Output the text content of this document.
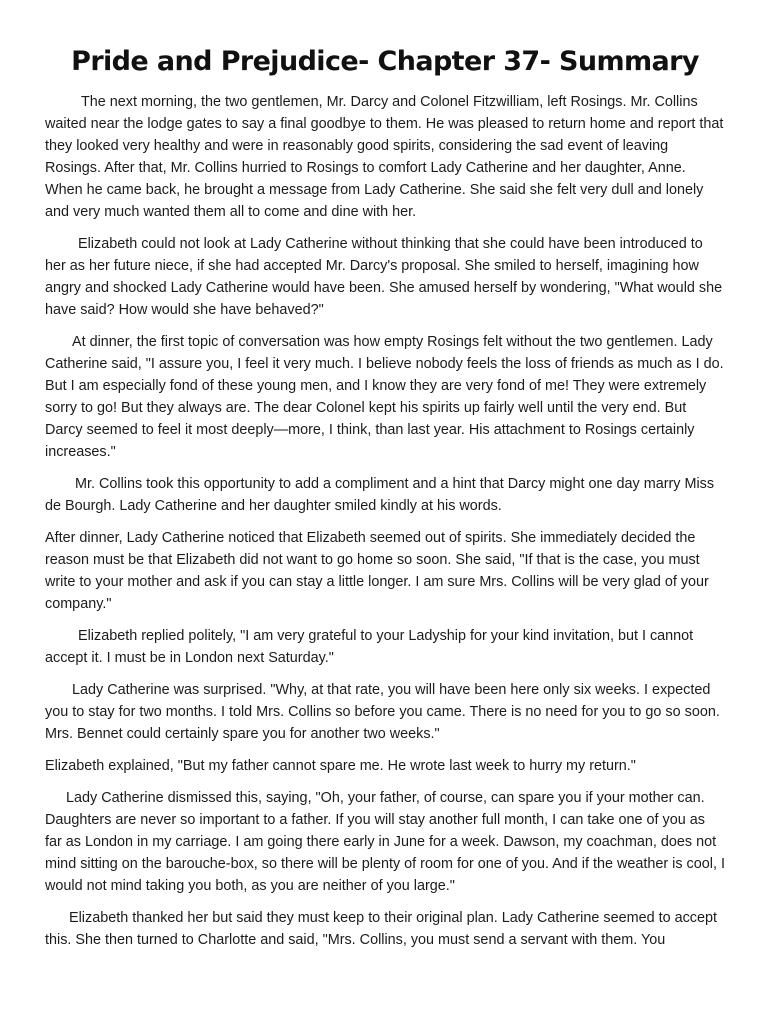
Pride and Prejudice- Chapter 37- Summary

The next morning, the two gentlemen, Mr. Darcy and Colonel Fitzwilliam, left Rosings. Mr. Collins waited near the lodge gates to say a final goodbye to them. He was pleased to return home and report that they looked very healthy and were in reasonably good spirits, considering the sad event of leaving Rosings. After that, Mr. Collins hurried to Rosings to comfort Lady Catherine and her daughter, Anne. When he came back, he brought a message from Lady Catherine. She said she felt very dull and lonely and very much wanted them all to come and dine with her.

Elizabeth could not look at Lady Catherine without thinking that she could have been introduced to her as her future niece, if she had accepted Mr. Darcy's proposal. She smiled to herself, imagining how angry and shocked Lady Catherine would have been. She amused herself by wondering, "What would she have said? How would she have behaved?"

At dinner, the first topic of conversation was how empty Rosings felt without the two gentlemen. Lady Catherine said, "I assure you, I feel it very much. I believe nobody feels the loss of friends as much as I do. But I am especially fond of these young men, and I know they are very fond of me! They were extremely sorry to go! But they always are. The dear Colonel kept his spirits up fairly well until the very end. But Darcy seemed to feel it most deeply—more, I think, than last year. His attachment to Rosings certainly increases."

Mr. Collins took this opportunity to add a compliment and a hint that Darcy might one day marry Miss de Bourgh. Lady Catherine and her daughter smiled kindly at his words.

After dinner, Lady Catherine noticed that Elizabeth seemed out of spirits. She immediately decided the reason must be that Elizabeth did not want to go home so soon. She said, "If that is the case, you must write to your mother and ask if you can stay a little longer. I am sure Mrs. Collins will be very glad of your company."

Elizabeth replied politely, "I am very grateful to your Ladyship for your kind invitation, but I cannot accept it. I must be in London next Saturday."

Lady Catherine was surprised. "Why, at that rate, you will have been here only six weeks. I expected you to stay for two months. I told Mrs. Collins so before you came. There is no need for you to go so soon. Mrs. Bennet could certainly spare you for another two weeks."

Elizabeth explained, "But my father cannot spare me. He wrote last week to hurry my return."

Lady Catherine dismissed this, saying, "Oh, your father, of course, can spare you if your mother can. Daughters are never so important to a father. If you will stay another full month, I can take one of you as far as London in my carriage. I am going there early in June for a week. Dawson, my coachman, does not mind sitting on the barouche-box, so there will be plenty of room for one of you. And if the weather is cool, I would not mind taking you both, as you are neither of you large."

Elizabeth thanked her but said they must keep to their original plan. Lady Catherine seemed to accept this. She then turned to Charlotte and said, "Mrs. Collins, you must send a servant with them. You
